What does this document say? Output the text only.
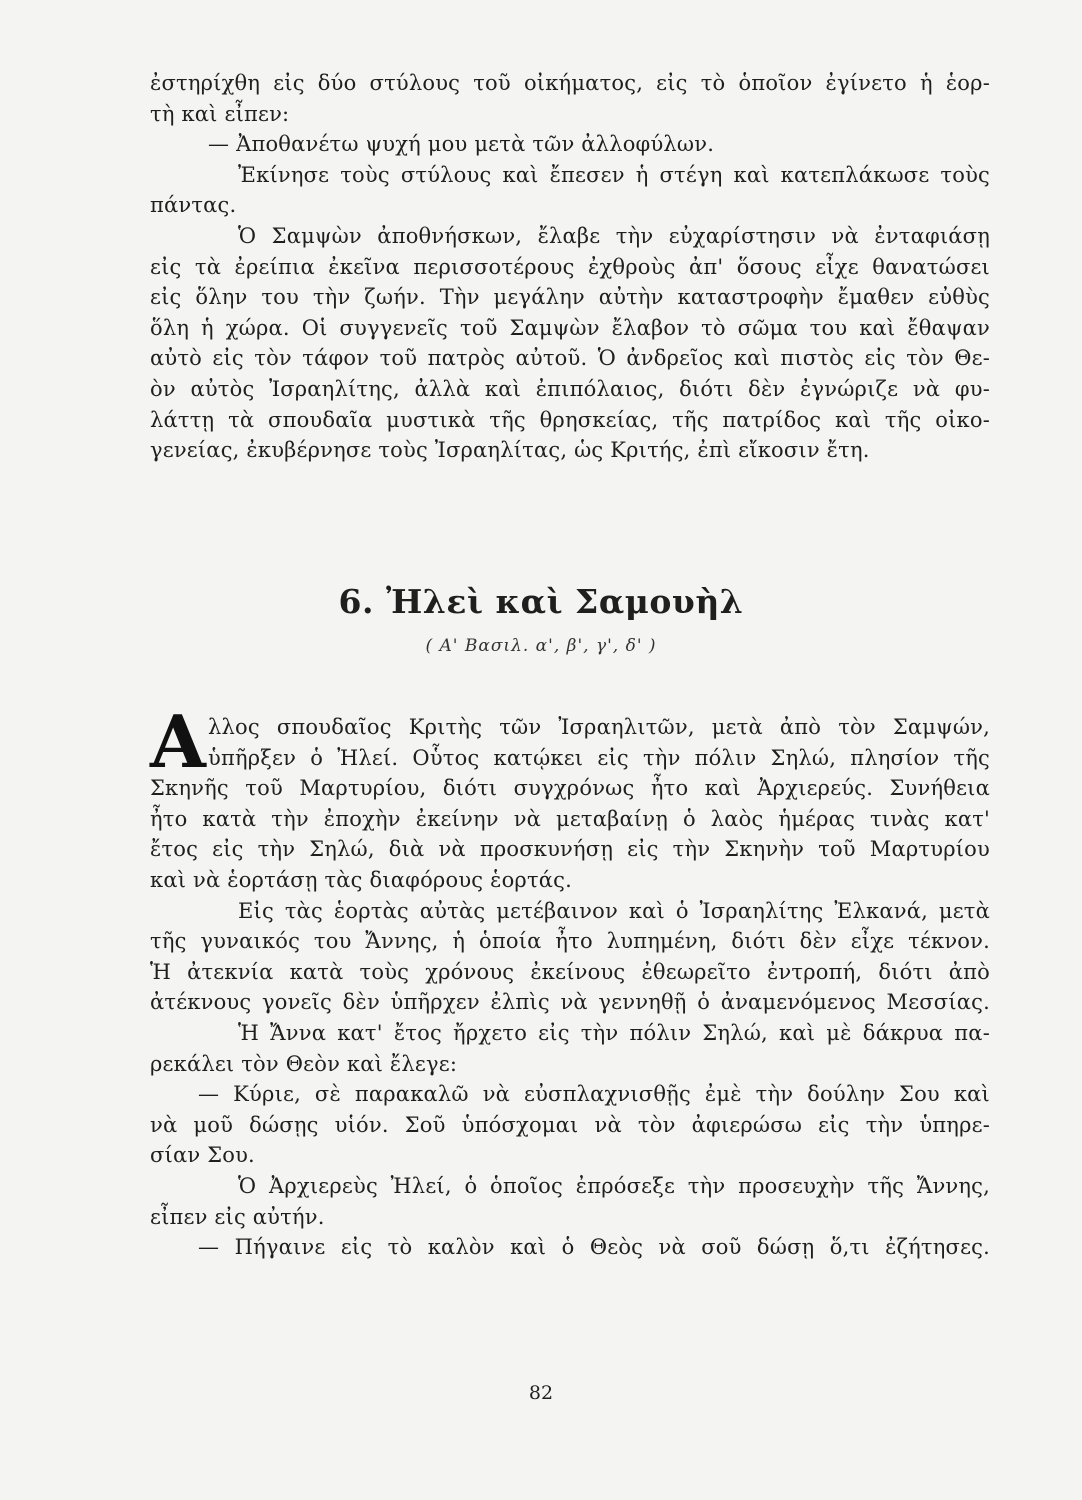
ἐστηρίχθη εἰς δύο στύλους τοῦ οἰκήματος, εἰς τὸ ὁποῖον ἐγίνετο ἡ ἑορ-
τὴ καὶ εἶπεν:
— Ἀποθανέτω ψυχή μου μετὰ τῶν ἀλλοφύλων.
Ἐκίνησε τοὺς στύλους καὶ ἔπεσεν ἡ στέγη καὶ κατεπλάκωσε τοὺς
πάντας.
Ὁ Σαμψὼν ἀποθνήσκων, ἔλαβε τὴν εὐχαρίστησιν νὰ ἐνταφιάσῃ
εἰς τὰ ἐρείπια ἐκεῖνα περισσοτέρους ἐχθροὺς ἀπ' ὅσους εἶχε θανατώσει
εἰς ὅλην του τὴν ζωήν. Τὴν μεγάλην αὐτὴν καταστροφὴν ἔμαθεν εὐθὺς
ὅλη ἡ χώρα. Οἱ συγγενεῖς τοῦ Σαμψὼν ἔλαβον τὸ σῶμα του καὶ ἔθαψαν
αὐτὸ εἰς τὸν τάφον τοῦ πατρὸς αὐτοῦ. Ὁ ἀνδρεῖος καὶ πιστὸς εἰς τὸν Θε-
ὸν αὐτὸς Ἰσραηλίτης, ἀλλὰ καὶ ἐπιπόλαιος, διότι δὲν ἐγνώριζε νὰ φυ-
λάττῃ τὰ σπουδαῖα μυστικὰ τῆς θρησκείας, τῆς πατρίδος καὶ τῆς οἰκο-
γενείας, ἐκυβέρνησε τοὺς Ἰσραηλίτας, ὡς Κριτής, ἐπὶ εἴκοσιν ἔτη.
6. Ἠλεὶ καὶ Σαμουὴλ
( Α' Βασιλ. α', β', γ', δ' )
Α λλος σπουδαῖος Κριτὴς τῶν Ἰσραηλιτῶν, μετὰ ἀπὸ τὸν Σαμψών,
ὑπῆρξεν ὁ Ἠλεί. Οὗτος κατῴκει εἰς τὴν πόλιν Σηλώ, πλησίον τῆς
Σκηνῆς τοῦ Μαρτυρίου, διότι συγχρόνως ἦτο καὶ Ἀρχιερεύς. Συνήθεια
ἦτο κατὰ τὴν ἐποχὴν ἐκείνην νὰ μεταβαίνῃ ὁ λαὸς ἡμέρας τινὰς κατ'
ἔτος εἰς τὴν Σηλώ, διὰ νὰ προσκυνήσῃ εἰς τὴν Σκηνὴν τοῦ Μαρτυρίου
καὶ νὰ ἑορτάσῃ τὰς διαφόρους ἑορτάς.
Εἰς τὰς ἑορτὰς αὐτὰς μετέβαινον καὶ ὁ Ἰσραηλίτης Ἐλκανά, μετὰ
τῆς γυναικός του Ἄννης, ἡ ὁποία ἦτο λυπημένη, διότι δὲν εἶχε τέκνον.
Ἡ ἀτεκνία κατὰ τοὺς χρόνους ἐκείνους ἐθεωρεῖτο ἐντροπή, διότι ἀπὸ
ἀτέκνους γονεῖς δὲν ὑπῆρχεν ἐλπὶς νὰ γεννηθῇ ὁ ἀναμενόμενος Μεσσίας.
Ἡ Ἄννα κατ' ἔτος ἤρχετο εἰς τὴν πόλιν Σηλώ, καὶ μὲ δάκρυα πα-
ρεκάλει τὸν Θεὸν καὶ ἔλεγε:
— Κύριε, σὲ παρακαλῶ νὰ εὐσπλαχνισθῇς ἐμὲ τὴν δούλην Σου καὶ
νὰ μοῦ δώσῃς υἱόν. Σοῦ ὑπόσχομαι νὰ τὸν ἀφιερώσω εἰς τὴν ὑπηρε-
σίαν Σου.
Ὁ Ἀρχιερεὺς Ἠλεί, ὁ ὁποῖος ἐπρόσεξε τὴν προσευχὴν τῆς Ἄννης,
εἶπεν εἰς αὐτήν.
— Πήγαινε εἰς τὸ καλὸν καὶ ὁ Θεὸς νὰ σοῦ δώσῃ ὅ,τι ἐζήτησες.
82
